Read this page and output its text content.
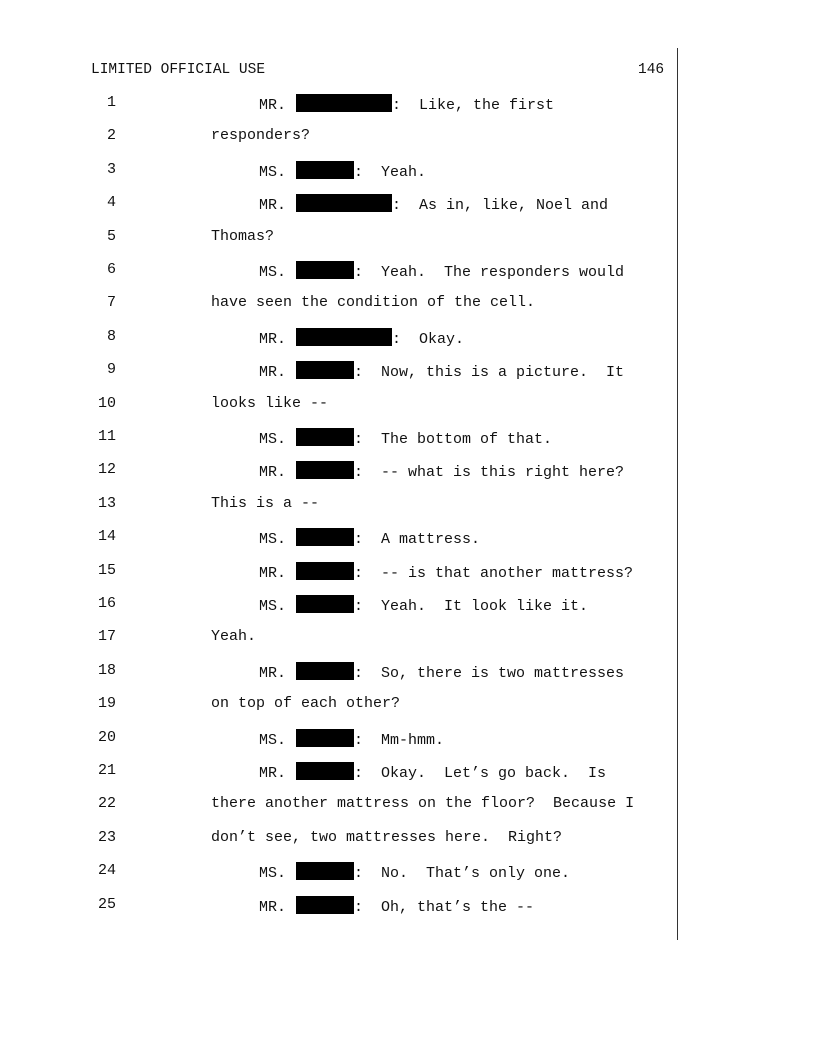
LIMITED OFFICIAL USE	146
1	MR.	:  Like, the first
2	responders?
3	MS.	:  Yeah.
4	MR.	:  As in, like, Noel and
5	Thomas?
6	MS.	:  Yeah.  The responders would
7	have seen the condition of the cell.
8	MR.	:  Okay.
9	MR.	:  Now, this is a picture.  It
10	looks like --
11	MS.	:  The bottom of that.
12	MR.	:  -- what is this right here?
13	This is a --
14	MS.	:  A mattress.
15	MR.	:  -- is that another mattress?
16	MS.	:  Yeah.  It look like it.
17	Yeah.
18	MR.	:  So, there is two mattresses
19	on top of each other?
20	MS.	:  Mm-hmm.
21	MR.	:  Okay.  Let’s go back.  Is
22	there another mattress on the floor?  Because I
23	don’t see, two mattresses here.  Right?
24	MS.	:  No.  That’s only one.
25	MR.	:  Oh, that’s the --
